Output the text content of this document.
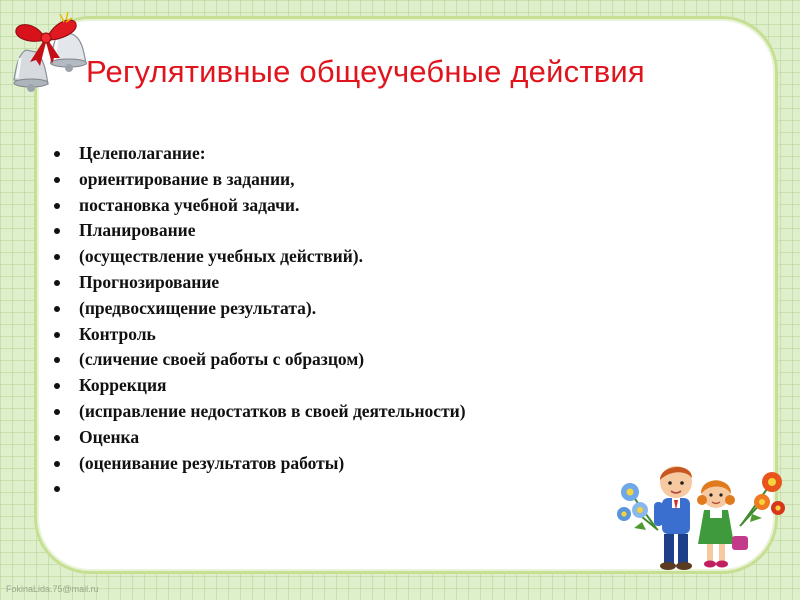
Регулятивные общеучебные действия
Целеполагание:
ориентирование в задании,
постановка учебной задачи.
Планирование
(осуществление учебных действий).
Прогнозирование
(предвосхищение результата).
Контроль
(сличение своей работы с образцом)
Коррекция
(исправление недостатков в своей деятельности)
Оценка
(оценивание результатов работы)
FokinaLida.75@mail.ru
